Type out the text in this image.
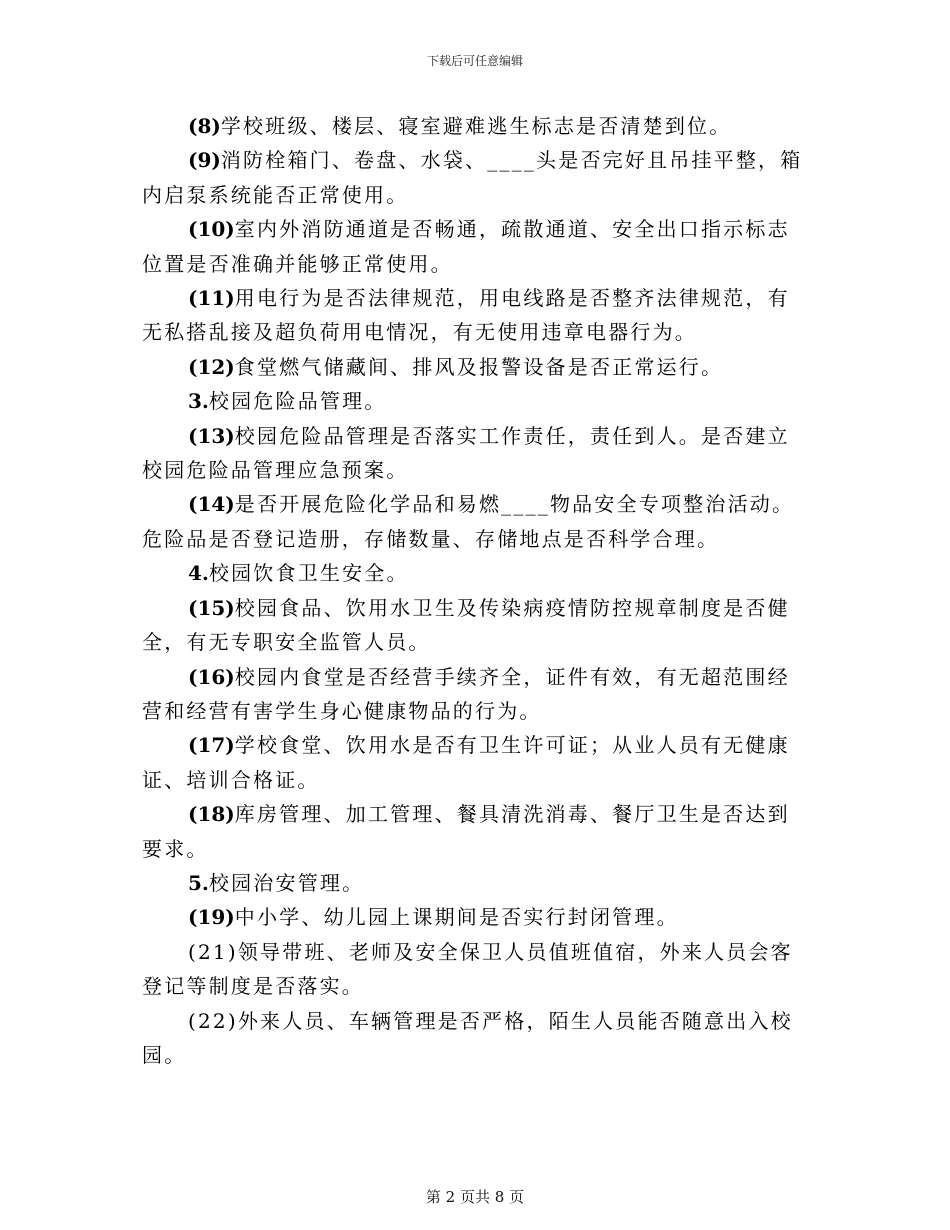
下载后可任意编辑

(8)学校班级、楼层、寝室避难逃生标志是否清楚到位。

(9)消防栓箱门、卷盘、水袋、____头是否完好且吊挂平整，箱内启泵系统能否正常使用。

(10)室内外消防通道是否畅通，疏散通道、安全出口指示标志位置是否准确并能够正常使用。

(11)用电行为是否法律规范，用电线路是否整齐法律规范，有无私搭乱接及超负荷用电情况，有无使用违章电器行为。

(12)食堂燃气储藏间、排风及报警设备是否正常运行。

3.校园危险品管理。

(13)校园危险品管理是否落实工作责任，责任到人。是否建立校园危险品管理应急预案。

(14)是否开展危险化学品和易燃____物品安全专项整治活动。危险品是否登记造册，存储数量、存储地点是否科学合理。

4.校园饮食卫生安全。

(15)校园食品、饮用水卫生及传染病疫情防控规章制度是否健全，有无专职安全监管人员。

(16)校园内食堂是否经营手续齐全，证件有效，有无超范围经营和经营有害学生身心健康物品的行为。

(17)学校食堂、饮用水是否有卫生许可证；从业人员有无健康证、培训合格证。

(18)库房管理、加工管理、餐具清洗消毒、餐厅卫生是否达到要求。

5.校园治安管理。

(19)中小学、幼儿园上课期间是否实行封闭管理。

(21)领导带班、老师及安全保卫人员值班值宿，外来人员会客登记等制度是否落实。

(22)外来人员、车辆管理是否严格，陌生人员能否随意出入校园。

第 2 页共 8 页
